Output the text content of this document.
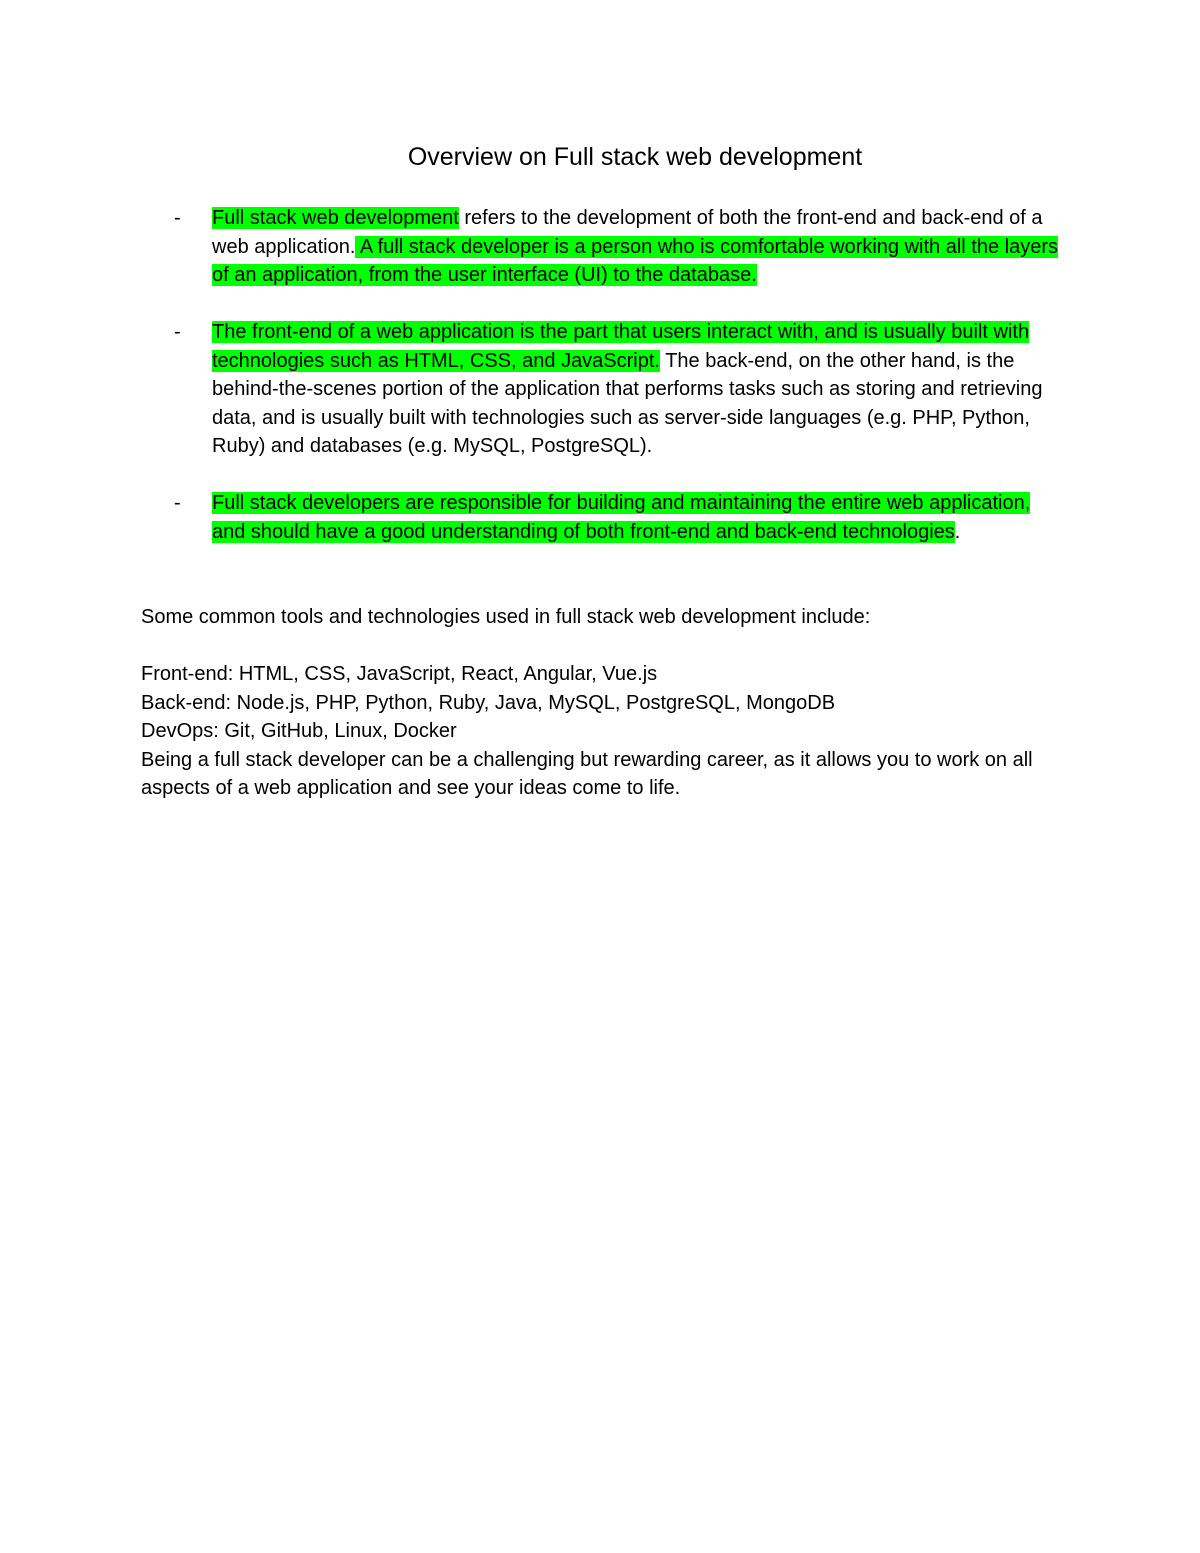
Overview on Full stack web development
- Full stack web development refers to the development of both the front-end and back-end of a web application. A full stack developer is a person who is comfortable working with all the layers of an application, from the user interface (UI) to the database.
- The front-end of a web application is the part that users interact with, and is usually built with technologies such as HTML, CSS, and JavaScript. The back-end, on the other hand, is the behind-the-scenes portion of the application that performs tasks such as storing and retrieving data, and is usually built with technologies such as server-side languages (e.g. PHP, Python, Ruby) and databases (e.g. MySQL, PostgreSQL).
- Full stack developers are responsible for building and maintaining the entire web application, and should have a good understanding of both front-end and back-end technologies.

Some common tools and technologies used in full stack web development include:

Front-end: HTML, CSS, JavaScript, React, Angular, Vue.js

Back-end: Node.js, PHP, Python, Ruby, Java, MySQL, PostgreSQL, MongoDB

DevOps: Git, GitHub, Linux, Docker

Being a full stack developer can be a challenging but rewarding career, as it allows you to work on all aspects of a web application and see your ideas come to life.
